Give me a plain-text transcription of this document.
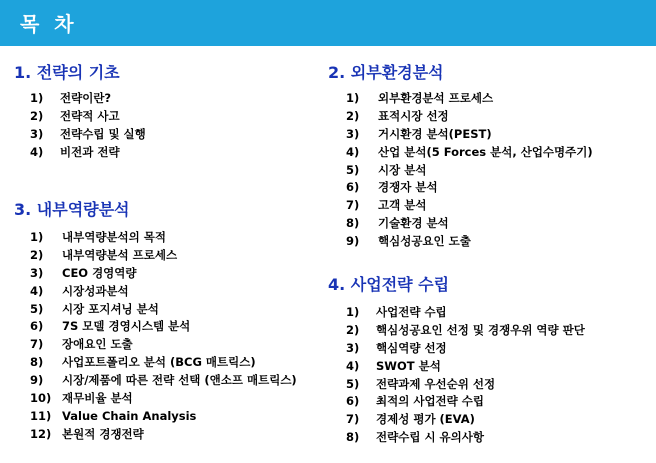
목 차
1. 전략의 기초
1) 전략이란?
2) 전략적 사고
3) 전략수립 및 실행
4) 비전과 전략
2. 외부환경분석
1) 외부환경분석 프로세스
2) 표적시장 선정
3) 거시환경 분석(PEST)
4) 산업 분석(5 Forces 분석, 산업수명주기)
5) 시장 분석
6) 경쟁자 분석
7) 고객 분석
8) 기술환경 분석
9) 핵심성공요인 도출
3. 내부역량분석
1) 내부역량분석의 목적
2) 내부역량분석 프로세스
3) CEO 경영역량
4) 시장성과분석
5) 시장 포지셔닝 분석
6) 7S 모델 경영시스템 분석
7) 장애요인 도출
8) 사업포트폴리오 분석 (BCG 매트릭스)
9) 시장/제품에 따른 전략 선택 (앤소프 매트릭스)
10) 재무비율 분석
11) Value Chain Analysis
12) 본원적 경쟁전략
4. 사업전략 수립
1) 사업전략 수립
2) 핵심성공요인 선정 및 경쟁우위 역량 판단
3) 핵심역량 선정
4) SWOT 분석
5) 전략과제 우선순위 선정
6) 최적의 사업전략 수립
7) 경제성 평가 (EVA)
8) 전략수립 시 유의사항
